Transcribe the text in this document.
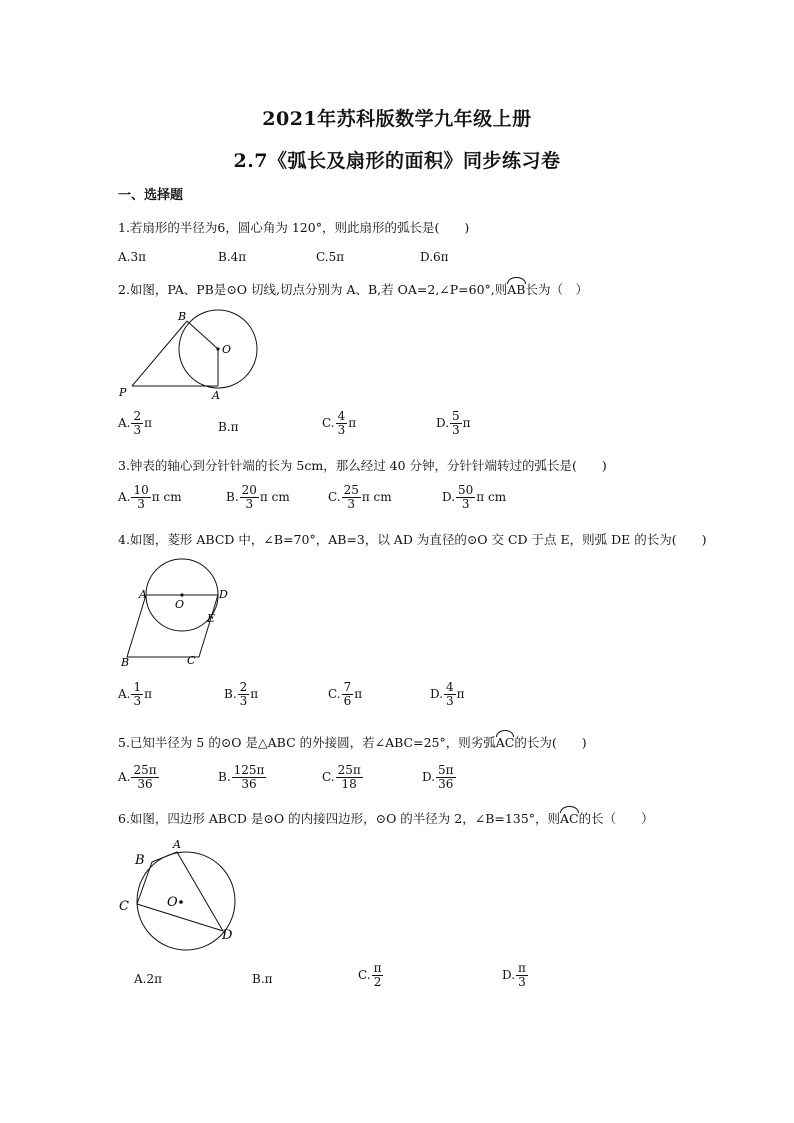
2021年苏科版数学九年级上册
2.7《弧长及扇形的面积》同步练习卷
一、选择题
1.若扇形的半径为6，圆心角为 120°，则此扇形的弧长是(　　)
A.3π	B.4π	C.5π	D.6π
2.如图，PA、PB是⊙O 切线,切点分别为 A、B,若 OA=2,∠P=60°,则AB长为（　）
B
O
P	A
A. $\frac{2}{3}$ π	B. π	C. $\frac{4}{3}$ π	D. $\frac{5}{3}$ π
3.钟表的轴心到分针针端的长为 5cm，那么经过 40 分钟，分针针端转过的弧长是(　　)
A. $\frac{10}{3}$ π cm	B. $\frac{20}{3}$ π cm	C. $\frac{25}{3}$ π cm	D. $\frac{50}{3}$ π cm
4.如图，菱形 ABCD 中，∠B=70°，AB=3，以 AD 为直径的⊙O 交 CD 于点 E，则弧 DE 的长为(　　)
A
O
D
E
B	C
A. $\frac{1}{3}$ π	B. $\frac{2}{3}$ π	C. $\frac{7}{6}$ π	D. $\frac{4}{3}$ π
5.已知半径为 5 的⊙O 是△ABC 的外接圆，若∠ABC=25°，则劣弧AC的长为(　　)
A. $\frac{25\pi}{36}$	B. $\frac{125\pi}{36}$	C. $\frac{25\pi}{18}$	D. $\frac{5\pi}{36}$
6.如图，四边形 ABCD 是⊙O 的内接四边形，⊙O 的半径为 2，∠B=135°，则AC的长（　　）
A
B
C	O
D
A. 2π	B. π	C. $\frac{\pi}{2}$	D. $\frac{\pi}{3}$
